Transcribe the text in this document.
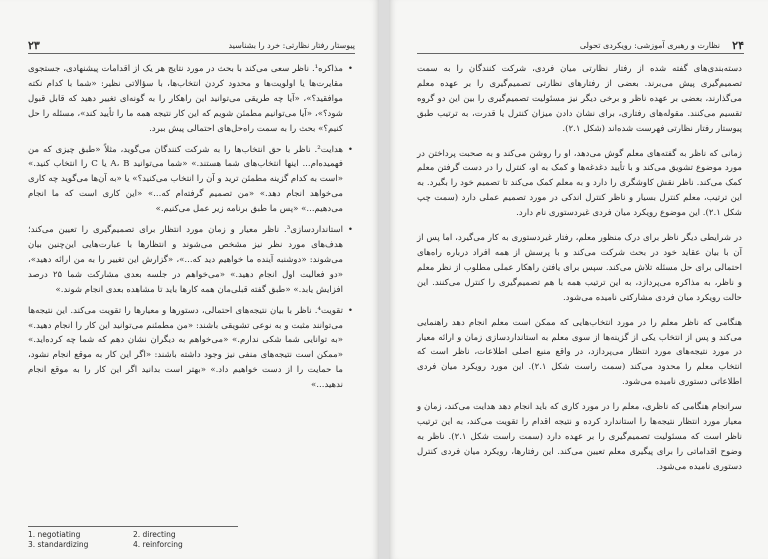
۲۳	پیوستار رفتار نظارتی: خرد را بشناسید
• مذاکره¹. ناظر سعی می‌کند با بحث در مورد نتایج هر یک از اقدامات پیشنهادی، جستجوی مقایرت‌ها یا اولویت‌ها و محدود کردن انتخاب‌ها، با سؤالاتی نظیر: «شما با کدام نکته موافقید؟»، «آیا چه طریقی می‌توانید این راهکار را به گونه‌ای تغییر دهید که قابل قبول شود؟»، «آیا می‌توانیم مطمئن شویم که این کار نتیجه همه ما را تأیید کند»، مسئله را حل کنیم؟» بحث را به سمت راه‌حل‌های احتمالی پیش ببرد.
• هدایت². ناظر با حق انتخاب‌ها را به شرکت کنندگان می‌گوید، مثلاً «طبق چیزی که من فهمیده‌ام... اینها انتخاب‌های شما هستند.» «شما می‌توانید A، B یا C را انتخاب کنید.» «است به کدام گزینه مطمئن ترید و آن را انتخاب می‌کنید؟» یا «به آن‌ها می‌گوید چه کاری می‌خواهد انجام دهد.» «من تصمیم گرفته‌ام که...» «این کاری است که ما انجام می‌دهیم...» «پس ما طبق برنامه زیر عمل می‌کنیم.»
• استانداردسازی³. ناظر معیار و زمان مورد انتظار برای تصمیم‌گیری را تعیین می‌کند؛ هدف‌های مورد نظر نیز مشخص می‌شوند و انتظارها با عبارت‌هایی این‌چنین بیان می‌شوند: «دوشنبه آینده ما خواهیم دید که...»، «گزارش این تغییر را به من ارائه دهید»، «دو فعالیت اول انجام دهید.» «می‌خواهم در جلسه بعدی مشارکت شما ۲۵ درصد افزایش یابد.» «طبق گفته قبلی‌مان همه کارها باید تا مشاهده بعدی انجام شوند.»
• تقویت⁴. ناظر با بیان نتیجه‌های احتمالی، دستورها و معیارها را تقویت می‌کند. این نتیجه‌ها می‌توانند مثبت و به نوعی تشویقی باشند: «من مطمئنم می‌توانید این کار را انجام دهید.» «به توانایی شما شکی ندارم.» «می‌خواهم به دیگران نشان دهم که شما چه کرده‌اید.» «ممکن است نتیجه‌های منفی نیز وجود داشته باشند: «اگر این کار به موقع انجام نشود، ما حمایت را از دست خواهیم داد.» «بهتر است بدانید اگر این کار را به موقع انجام ندهید...»
1. negotiating	2. directing
3. standardizing	4. reinforcing
۲۴
نظارت و رهبری آموزشی: رویکردی تحولی

دسته‌بندی‌های گفته شده از رفتار نظارتی میان فردی، شرکت کنندگان را به سمت تصمیم‌گیری پیش می‌برند. بعضی از رفتارهای نظارتی تصمیم‌گیری را بر عهده معلم می‌گذارند، بعضی بر عهده ناظر و برخی دیگر نیز مسئولیت تصمیم‌گیری را بین این دو گروه تقسیم می‌کنند. مقوله‌های رفتاری، برای نشان دادن میزان کنترل یا قدرت، به ترتیب طبق پیوستار رفتار نظارتی فهرست شده‌اند (شکل ۲.۱).

زمانی که ناظر به گفته‌های معلم گوش می‌دهد، او را روشن می‌کند و به صحبت پرداختن در مورد موضوع تشویق می‌کند و با تأیید دغدغه‌ها و کمک به او، کنترل را در دست گرفتن معلم کمک می‌کند. ناظر نقش کاوشگری را دارد و به معلم کمک می‌کند تا تصمیم خود را بگیرد. به این ترتیب، معلم کنترل بسیار و ناظر کنترل اندکی در مورد تصمیم عملی دارد (سمت چپ شکل ۲.۱). این موضوع رویکرد میان فردی غیردستوری نام دارد.

در شرایطی دیگر ناظر برای درک منظور معلم، رفتار غیردستوری به کار می‌گیرد، اما پس از آن با بیان عقاید خود در بحث شرکت می‌کند و با پرسش از همه افراد درباره راه‌های احتمالی برای حل مسئله تلاش می‌کند. سپس برای یافتن راهکار عملی مطلوب از نظر معلم و ناظر، به مذاکره می‌پردازد، به این ترتیب همه با هم تصمیم‌گیری را کنترل می‌کنند. این حالت رویکرد میان فردی مشارکتی نامیده می‌شود.

هنگامی که ناظر معلم را در مورد انتخاب‌هایی که ممکن است معلم انجام دهد راهنمایی می‌کند و پس از انتخاب یکی از گزینه‌ها از سوی معلم به استانداردسازی زمان و ارائه معیار در مورد نتیجه‌های مورد انتظار می‌پردازد، در واقع منبع اصلی اطلاعات، ناظر است که انتخاب معلم را محدود می‌کند (سمت راست شکل ۲.۱). این مورد رویکرد میان فردی اطلاعاتی دستوری نامیده می‌شود.

سرانجام هنگامی که ناظری، معلم را در مورد کاری که باید انجام دهد هدایت می‌کند، زمان و معیار مورد انتظار نتیجه‌ها را استاندارد کرده و نتیجه اقدام را تقویت می‌کند، به این ترتیب ناظر است که مسئولیت تصمیم‌گیری را بر عهده دارد (سمت راست شکل ۲.۱). ناظر به وضوح اقداماتی را برای پیگیری معلم تعیین می‌کند. این رفتارها، رویکرد میان فردی کنترل دستوری نامیده می‌شود.
